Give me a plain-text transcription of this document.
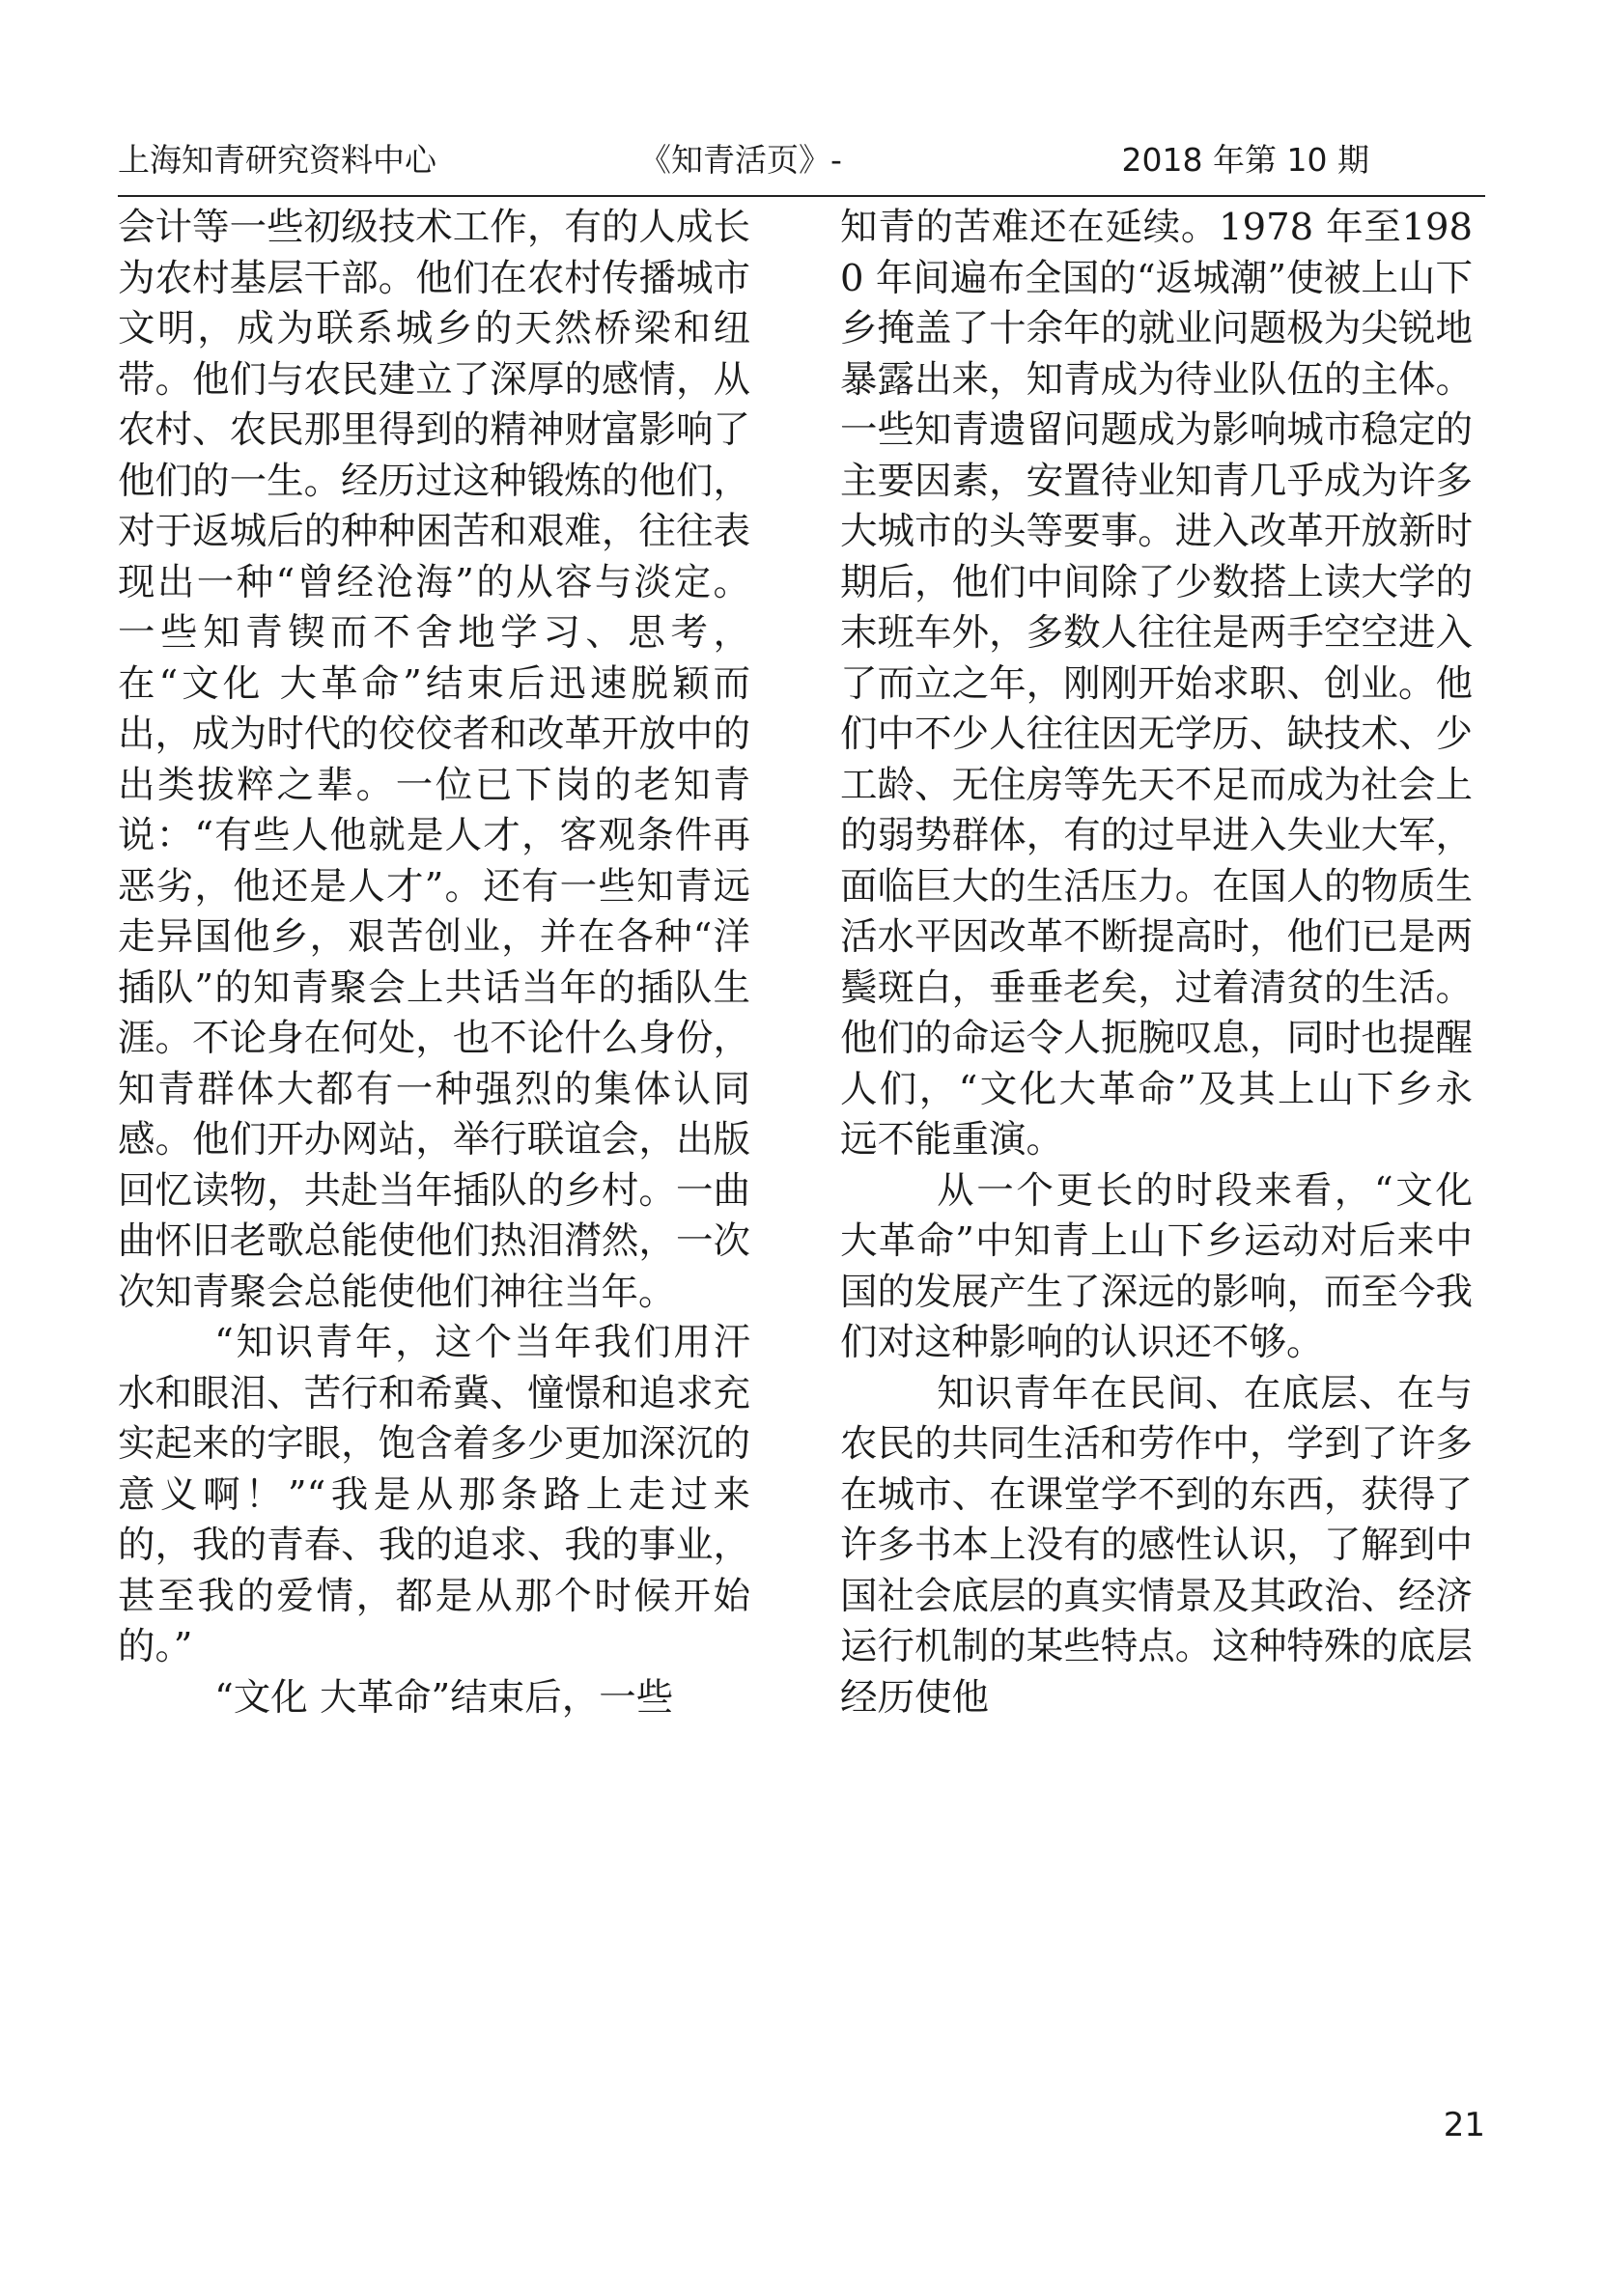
上海知青研究资料中心	《知青活页》-	2018 年第 10 期

会计等一些初级技术工作，有的人成长为农村基层干部。他们在农村传播城市文明，成为联系城乡的天然桥梁和纽带。他们与农民建立了深厚的感情，从农村、农民那里得到的精神财富影响了他们的一生。经历过这种锻炼的他们，对于返城后的种种困苦和艰难，往往表现出一种“曾经沧海”的从容与淡定。一些知青锲而不舍地学习、思考，在“文化 大革命”结束后迅速脱颖而出，成为时代的佼佼者和改革开放中的出类拔粹之辈。一位已下岗的老知青说：“有些人他就是人才，客观条件再恶劣，他还是人才”。还有一些知青远走异国他乡，艰苦创业，并在各种“洋插队”的知青聚会上共话当年的插队生涯。不论身在何处，也不论什么身份，知青群体大都有一种强烈的集体认同感。他们开办网站，举行联谊会，出版回忆读物，共赴当年插队的乡村。一曲曲怀旧老歌总能使他们热泪潸然，一次次知青聚会总能使他们神往当年。

“知识青年，这个当年我们用汗水和眼泪、苦行和希冀、憧憬和追求充实起来的字眼，饱含着多少更加深沉的意义啊！”“我是从那条路上走过来的，我的青春、我的追求、我的事业，甚至我的爱情，都是从那个时候开始的。”

“文化 大革命”结束后，一些

知青的苦难还在延续。1978 年至1980 年间遍布全国的“返城潮”使被上山下乡掩盖了十余年的就业问题极为尖锐地暴露出来，知青成为待业队伍的主体。一些知青遗留问题成为影响城市稳定的主要因素，安置待业知青几乎成为许多大城市的头等要事。进入改革开放新时期后，他们中间除了少数搭上读大学的末班车外，多数人往往是两手空空进入了而立之年，刚刚开始求职、创业。他们中不少人往往因无学历、缺技术、少工龄、无住房等先天不足而成为社会上的弱势群体，有的过早进入失业大军，面临巨大的生活压力。在国人的物质生活水平因改革不断提高时，他们已是两鬓斑白，垂垂老矣，过着清贫的生活。他们的命运令人扼腕叹息，同时也提醒人们，“文化大革命”及其上山下乡永远不能重演。

从一个更长的时段来看，“文化大革命”中知青上山下乡运动对后来中国的发展产生了深远的影响，而至今我们对这种影响的认识还不够。

知识青年在民间、在底层、在与农民的共同生活和劳作中，学到了许多在城市、在课堂学不到的东西，获得了许多书本上没有的感性认识，了解到中国社会底层的真实情景及其政治、经济运行机制的某些特点。这种特殊的底层经历使他

21
